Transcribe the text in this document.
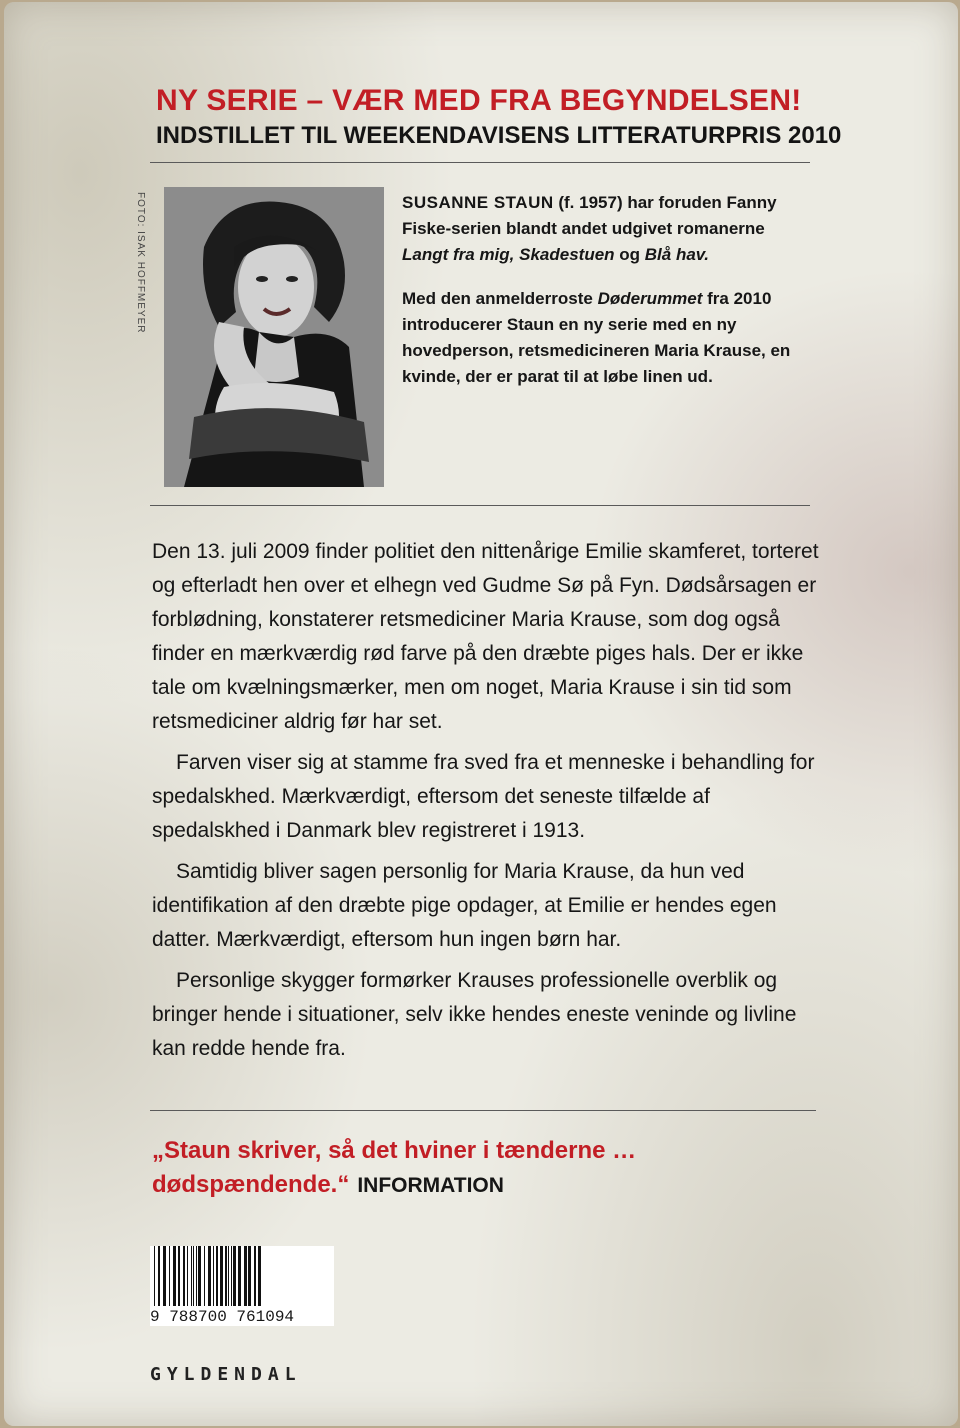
NY SERIE – VÆR MED FRA BEGYNDELSEN!
INDSTILLET TIL WEEKENDAVISENS LITTERATURPRIS 2010
FOTO: ISAK HOFFMEYER	SUSANNE STAUN (f. 1957) har foruden Fanny Fiske-serien blandt andet udgivet romanerne Langt fra mig, Skadestuen og Blå hav.

Med den anmelderroste Døderummet fra 2010 introducerer Staun en ny serie med en ny hovedperson, retsmedicineren Maria Krause, en kvinde, der er parat til at løbe linen ud.

Den 13. juli 2009 finder politiet den nittenårige Emilie skamferet, torteret og efterladt hen over et elhegn ved Gudme Sø på Fyn. Dødsårsagen er forblødning, konstaterer retsmediciner Maria Krause, som dog også finder en mærkværdig rød farve på den dræbte piges hals. Der er ikke tale om kvælningsmærker, men om noget, Maria Krause i sin tid som retsmediciner aldrig før har set.

Farven viser sig at stamme fra sved fra et menneske i behandling for spedalskhed. Mærkværdigt, eftersom det seneste tilfælde af spedalskhed i Danmark blev registreret i 1913.

Samtidig bliver sagen personlig for Maria Krause, da hun ved identifikation af den dræbte pige opdager, at Emilie er hendes egen datter. Mærkværdigt, eftersom hun ingen børn har.

Personlige skygger formørker Krauses professionelle overblik og bringer hende i situationer, selv ikke hendes eneste veninde og livline kan redde hende fra.

„Staun skriver, så det hviner i tænderne … dødspændende.“ INFORMATION
9 788700 761094
GYLDENDAL
